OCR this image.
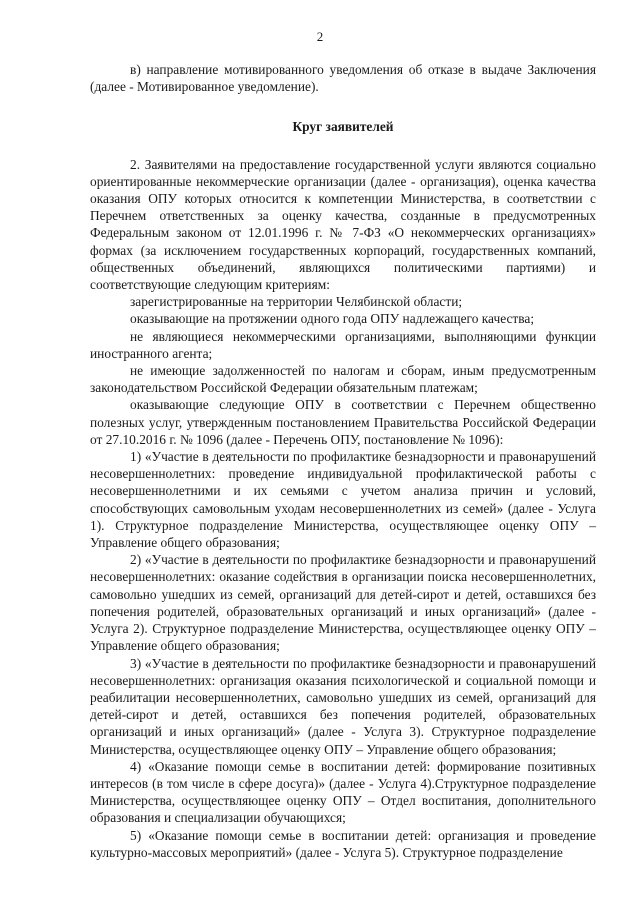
2

в) направление мотивированного уведомления об отказе в выдаче Заключения (далее - Мотивированное уведомление).

Круг заявителей

2. Заявителями на предоставление государственной услуги являются социально ориентированные некоммерческие организации (далее - организация), оценка качества оказания ОПУ которых относится к компетенции Министерства, в соответствии с Перечнем ответственных за оценку качества, созданные в предусмотренных Федеральным законом от 12.01.1996 г. № 7-ФЗ «О некоммерческих организациях» формах (за исключением государственных корпораций, государственных компаний, общественных объединений, являющихся политическими партиями) и соответствующие следующим критериям:

зарегистрированные на территории Челябинской области;

оказывающие на протяжении одного года ОПУ надлежащего качества;

не являющиеся некоммерческими организациями, выполняющими функции иностранного агента;

не имеющие задолженностей по налогам и сборам, иным предусмотренным законодательством Российской Федерации обязательным платежам;

оказывающие следующие ОПУ в соответствии с Перечнем общественно полезных услуг, утвержденным постановлением Правительства Российской Федерации от 27.10.2016 г. № 1096 (далее - Перечень ОПУ, постановление № 1096):

1) «Участие в деятельности по профилактике безнадзорности и правонарушений несовершеннолетних: проведение индивидуальной профилактической работы с несовершеннолетними и их семьями с учетом анализа причин и условий, способствующих самовольным уходам несовершеннолетних из семей» (далее - Услуга 1). Структурное подразделение Министерства, осуществляющее оценку ОПУ – Управление общего образования;

2) «Участие в деятельности по профилактике безнадзорности и правонарушений несовершеннолетних: оказание содействия в организации поиска несовершеннолетних, самовольно ушедших из семей, организаций для детей-сирот и детей, оставшихся без попечения родителей, образовательных организаций и иных организаций» (далее - Услуга 2). Структурное подразделение Министерства, осуществляющее оценку ОПУ – Управление общего образования;

3) «Участие в деятельности по профилактике безнадзорности и правонарушений несовершеннолетних: организация оказания психологической и социальной помощи и реабилитации несовершеннолетних, самовольно ушедших из семей, организаций для детей-сирот и детей, оставшихся без попечения родителей, образовательных организаций и иных организаций» (далее - Услуга 3). Структурное подразделение Министерства, осуществляющее оценку ОПУ – Управление общего образования;

4) «Оказание помощи семье в воспитании детей: формирование позитивных интересов (в том числе в сфере досуга)» (далее - Услуга 4).Структурное подразделение Министерства, осуществляющее оценку ОПУ – Отдел воспитания, дополнительного образования и специализации обучающихся;

5) «Оказание помощи семье в воспитании детей: организация и проведение культурно-массовых мероприятий» (далее - Услуга 5). Структурное подразделение
